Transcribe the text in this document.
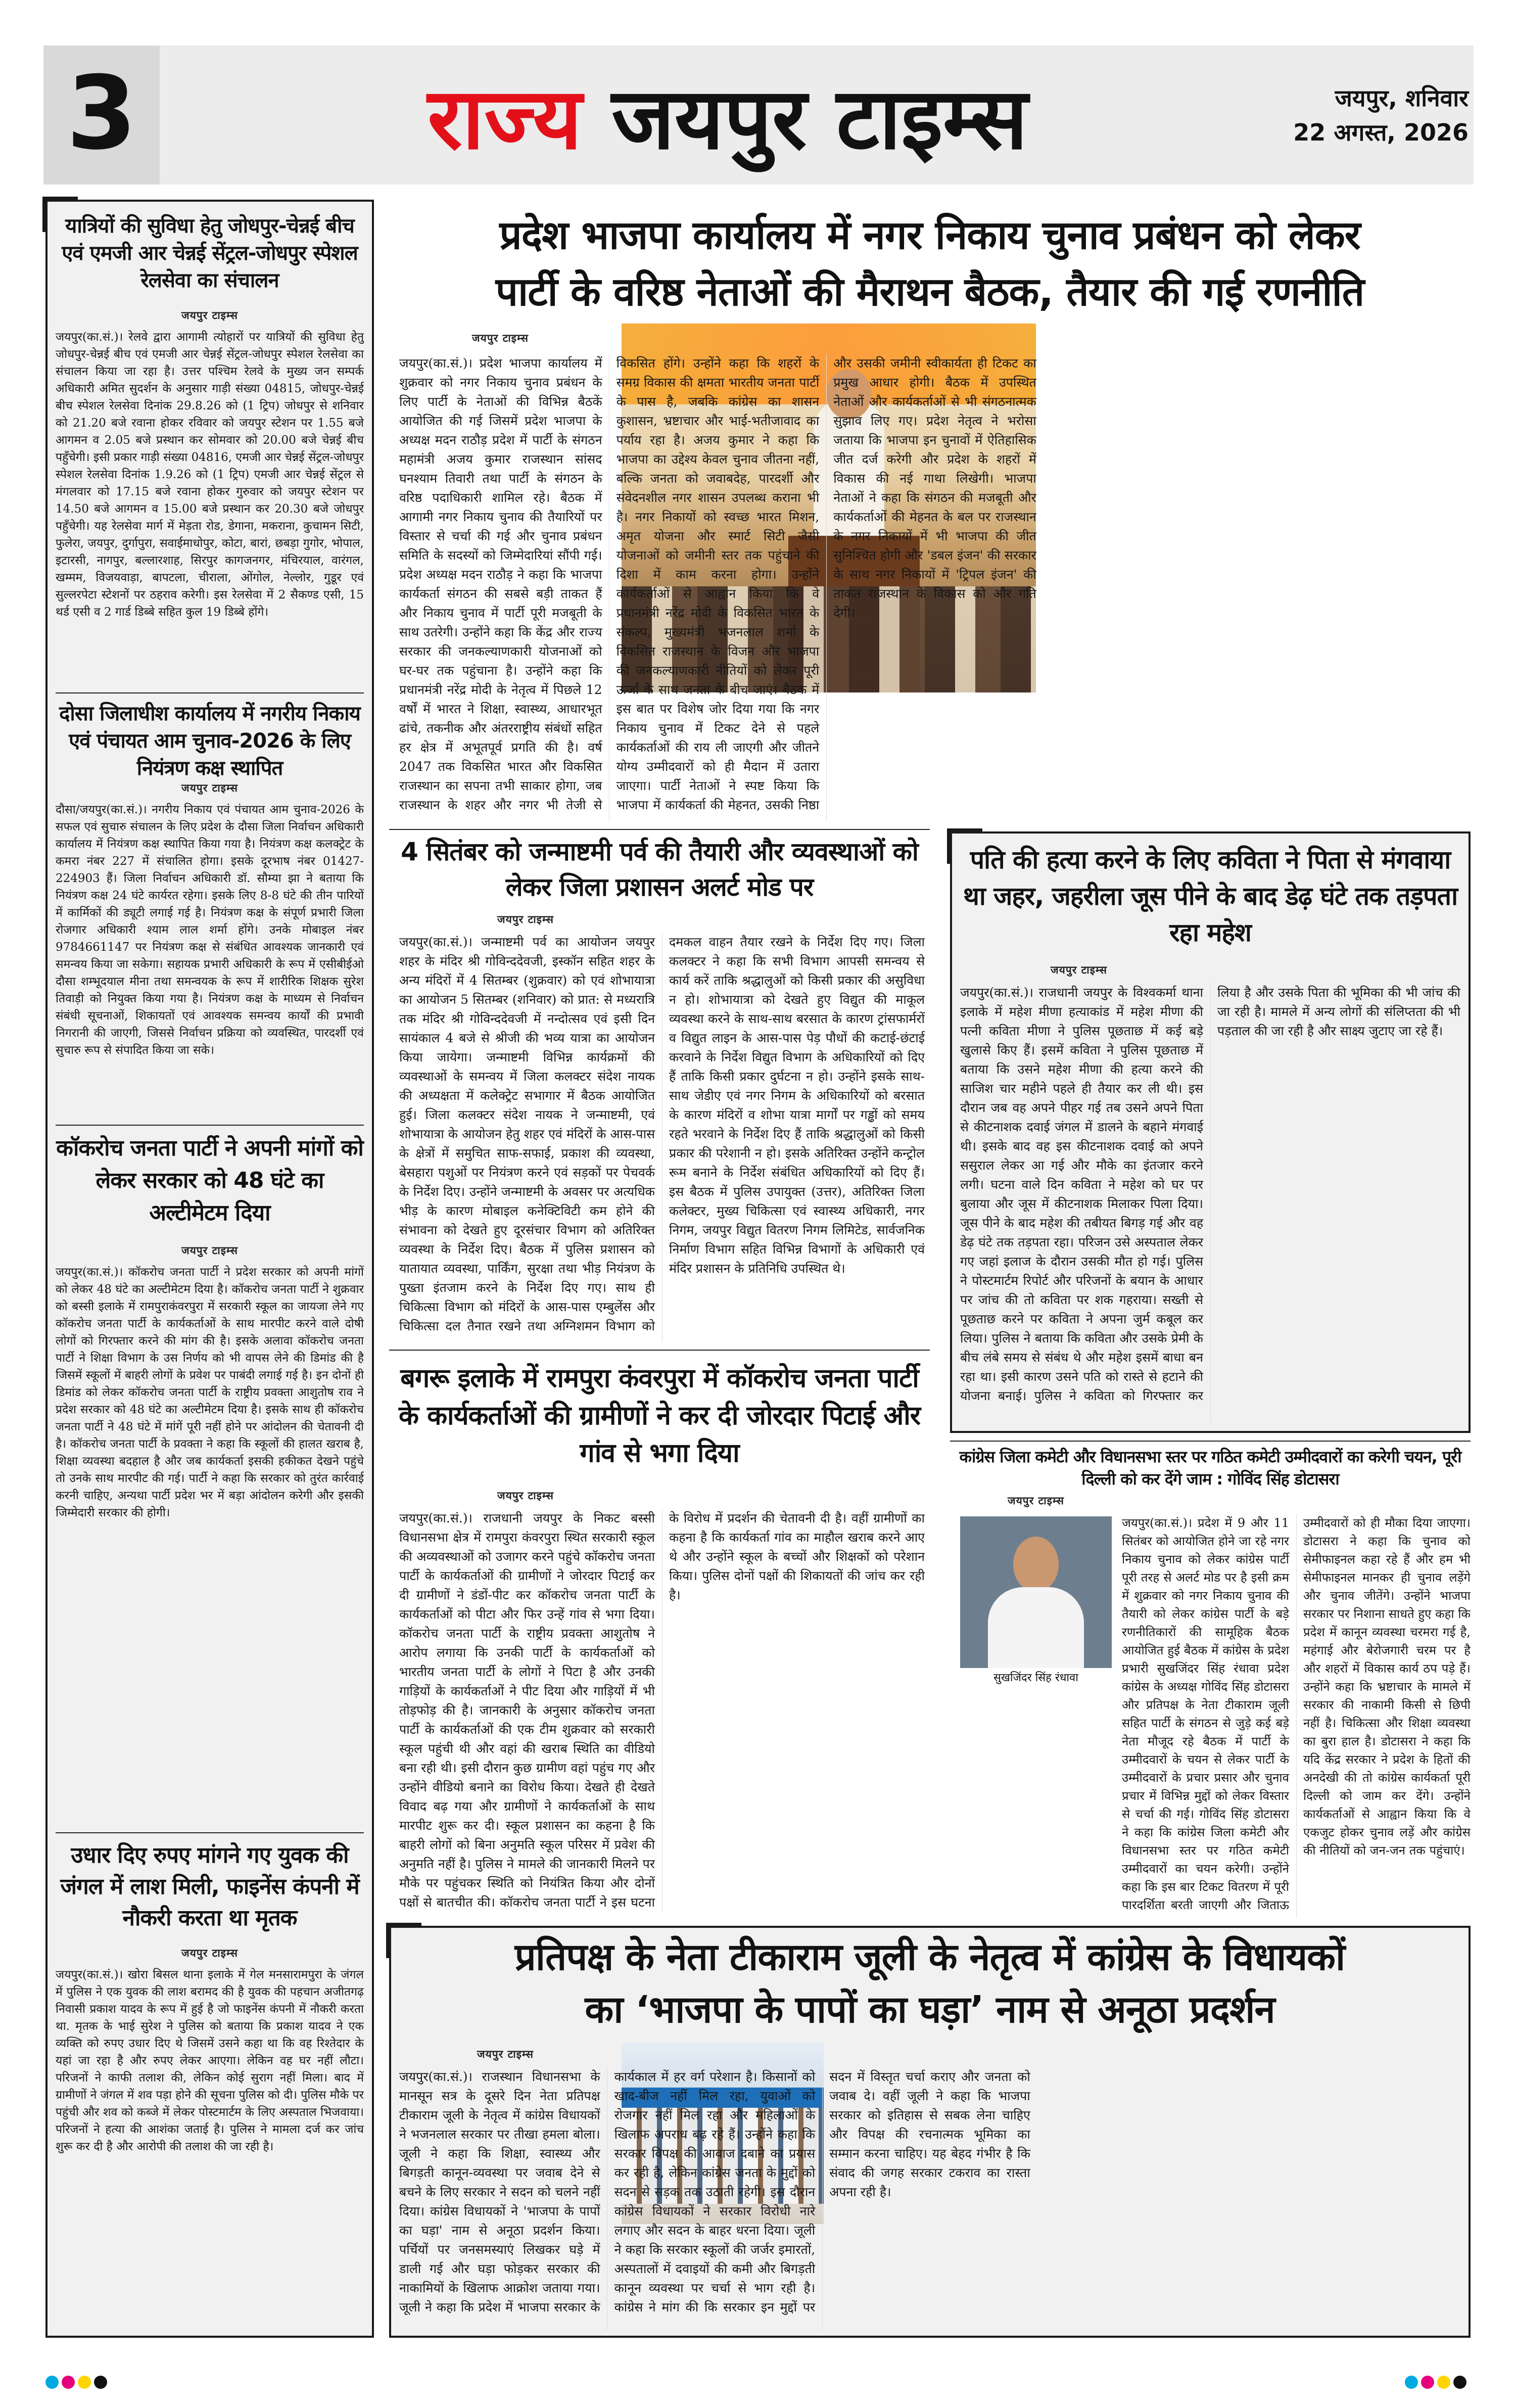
3	राज्य जयपुर टाइम्स	जयपुर, शनिवार
22 अगस्त, 2026
यात्रियों की सुविधा हेतु जोधपुर-चेन्नई बीच एवं एमजी आर चेन्नई सेंट्रल-जोधपुर स्पेशल रेलसेवा का संचालन
जयपुर टाइम्स
जयपुर(का.सं.)। रेलवे द्वारा आगामी त्योहारों पर यात्रियों की सुविधा हेतु जोधपुर-चेन्नई बीच एवं एमजी आर चेन्नई सेंट्रल-जोधपुर स्पेशल रेलसेवा का संचालन किया जा रहा है। उत्तर पश्चिम रेलवे के मुख्य जन सम्पर्क अधिकारी अमित सुदर्शन के अनुसार गाड़ी संख्या 04815, जोधपुर-चेन्नई बीच स्पेशल रेलसेवा दिनांक 29.8.26 को (1 ट्रिप) जोधपुर से शनिवार को 21.20 बजे रवाना होकर रविवार को जयपुर स्टेशन पर 1.55 बजे आगमन व 2.05 बजे प्रस्थान कर सोमवार को 20.00 बजे चेन्नई बीच पहुँचेगी। इसी प्रकार गाड़ी संख्या 04816, एमजी आर चेन्नई सेंट्रल-जोधपुर स्पेशल रेलसेवा दिनांक 1.9.26 को (1 ट्रिप) एमजी आर चेन्नई सेंट्रल से मंगलवार को 17.15 बजे रवाना होकर गुरुवार को जयपुर स्टेशन पर 14.50 बजे आगमन व 15.00 बजे प्रस्थान कर 20.30 बजे जोधपुर पहुँचेगी। यह रेलसेवा मार्ग में मेड़ता रोड, डेगाना, मकराना, कुचामन सिटी, फुलेरा, जयपुर, दुर्गापुरा, सवाईमाधोपुर, कोटा, बारां, छबड़ा गुगोर, भोपाल, इटारसी, नागपुर, बल्लारशाह, सिरपुर कागजनगर, मंचिरयाल, वारंगल, खम्मम, विजयवाड़ा, बापटला, चीराला, ओंगोल, नेल्लोर, गुडूर एवं सुल्लरपेटा स्टेशनों पर ठहराव करेगी। इस रेलसेवा में 2 सैकण्ड एसी, 15 थर्ड एसी व 2 गार्ड डिब्बे सहित कुल 19 डिब्बे होंगे।
दोसा जिलाधीश कार्यालय में नगरीय निकाय एवं पंचायत आम चुनाव-2026 के लिए नियंत्रण कक्ष स्थापित
जयपुर टाइम्स
दौसा/जयपुर(का.सं.)। नगरीय निकाय एवं पंचायत आम चुनाव-2026 के सफल एवं सुचारु संचालन के लिए प्रदेश के दौसा जिला निर्वाचन अधिकारी कार्यालय में नियंत्रण कक्ष स्थापित किया गया है। नियंत्रण कक्ष कलक्ट्रेट के कमरा नंबर 227 में संचालित होगा। इसके दूरभाष नंबर 01427-224903 हैं। जिला निर्वाचन अधिकारी डॉ. सौम्या झा ने बताया कि नियंत्रण कक्ष 24 घंटे कार्यरत रहेगा। इसके लिए 8-8 घंटे की तीन पारियों में कार्मिकों की ड्यूटी लगाई गई है। नियंत्रण कक्ष के संपूर्ण प्रभारी जिला रोजगार अधिकारी श्याम लाल शर्मा होंगे। उनके मोबाइल नंबर 9784661147 पर नियंत्रण कक्ष से संबंधित आवश्यक जानकारी एवं समन्वय किया जा सकेगा। सहायक प्रभारी अधिकारी के रूप में एसीबीईओ दौसा शम्भूदयाल मीना तथा समन्वयक के रूप में शारीरिक शिक्षक सुरेश तिवाड़ी को नियुक्त किया गया है। नियंत्रण कक्ष के माध्यम से निर्वाचन संबंधी सूचनाओं, शिकायतों एवं आवश्यक समन्वय कार्यों की प्रभावी निगरानी की जाएगी, जिससे निर्वाचन प्रक्रिया को व्यवस्थित, पारदर्शी एवं सुचारु रूप से संपादित किया जा सके।
कॉकरोच जनता पार्टी ने अपनी मांगों को लेकर सरकार को 48 घंटे का अल्टीमेटम दिया
जयपुर टाइम्स
जयपुर(का.सं.)। कॉकरोच जनता पार्टी ने प्रदेश सरकार को अपनी मांगों को लेकर 48 घंटे का अल्टीमेटम दिया है। कॉकरोच जनता पार्टी ने शुक्रवार को बस्सी इलाके में रामपुराकंवरपुरा में सरकारी स्कूल का जायजा लेने गए कॉकरोच जनता पार्टी के कार्यकर्ताओं के साथ मारपीट करने वाले दोषी लोगों को गिरफ्तार करने की मांग की है। इसके अलावा कॉकरोच जनता पार्टी ने शिक्षा विभाग के उस निर्णय को भी वापस लेने की डिमांड की है जिसमें स्कूलों में बाहरी लोगों के प्रवेश पर पाबंदी लगाई गई है। इन दोनों ही डिमांड को लेकर कॉकरोच जनता पार्टी के राष्ट्रीय प्रवक्ता आशुतोष राव ने प्रदेश सरकार को 48 घंटे का अल्टीमेटम दिया है। इसके साथ ही कॉकरोच जनता पार्टी ने 48 घंटे में मांगें पूरी नहीं होने पर आंदोलन की चेतावनी दी है। कॉकरोच जनता पार्टी के प्रवक्ता ने कहा कि स्कूलों की हालत खराब है, शिक्षा व्यवस्था बदहाल है और जब कार्यकर्ता इसकी हकीकत देखने पहुंचे तो उनके साथ मारपीट की गई। पार्टी ने कहा कि सरकार को तुरंत कार्रवाई करनी चाहिए, अन्यथा पार्टी प्रदेश भर में बड़ा आंदोलन करेगी और इसकी जिम्मेदारी सरकार की होगी।
उधार दिए रुपए मांगने गए युवक की जंगल में लाश मिली, फाइनेंस कंपनी में नौकरी करता था मृतक
जयपुर टाइम्स
जयपुर(का.सं.)। खोरा बिसल थाना इलाके में गेल मनसारामपुरा के जंगल में पुलिस ने एक युवक की लाश बरामद की है युवक की पहचान अजीतगढ़ निवासी प्रकाश यादव के रूप में हुई है जो फाइनेंस कंपनी में नौकरी करता था. मृतक के भाई सुरेश ने पुलिस को बताया कि प्रकाश यादव ने एक व्यक्ति को रुपए उधार दिए थे जिसमें उसने कहा था कि वह रिश्तेदार के यहां जा रहा है और रुपए लेकर आएगा। लेकिन वह घर नहीं लौटा। परिजनों ने काफी तलाश की, लेकिन कोई सुराग नहीं मिला। बाद में ग्रामीणों ने जंगल में शव पड़ा होने की सूचना पुलिस को दी। पुलिस मौके पर पहुंची और शव को कब्जे में लेकर पोस्टमार्टम के लिए अस्पताल भिजवाया। परिजनों ने हत्या की आशंका जताई है। पुलिस ने मामला दर्ज कर जांच शुरू कर दी है और आरोपी की तलाश की जा रही है।
प्रदेश भाजपा कार्यालय में नगर निकाय चुनाव प्रबंधन को लेकर
पार्टी के वरिष्ठ नेताओं की मैराथन बैठक, तैयार की गई रणनीति
जयपुर टाइम्स
जयपुर(का.सं.)। प्रदेश भाजपा कार्यालय में शुक्रवार को नगर निकाय चुनाव प्रबंधन के लिए पार्टी के नेताओं की विभिन्न बैठकें आयोजित की गई जिसमें प्रदेश भाजपा के अध्यक्ष मदन राठौड़ प्रदेश में पार्टी के संगठन महामंत्री अजय कुमार राजस्थान सांसद घनश्याम तिवारी तथा पार्टी के संगठन के वरिष्ठ पदाधिकारी शामिल रहे। बैठक में आगामी नगर निकाय चुनाव की तैयारियों पर विस्तार से चर्चा की गई और चुनाव प्रबंधन समिति के सदस्यों को जिम्मेदारियां सौंपी गई। प्रदेश अध्यक्ष मदन राठौड़ ने कहा कि भाजपा कार्यकर्ता संगठन की सबसे बड़ी ताकत हैं और निकाय चुनाव में पार्टी पूरी मजबूती के साथ उतरेगी। उन्होंने कहा कि केंद्र और राज्य सरकार की जनकल्याणकारी योजनाओं को घर-घर तक पहुंचाना है। उन्होंने कहा कि प्रधानमंत्री नरेंद्र मोदी के नेतृत्व में पिछले 12 वर्षों में भारत ने शिक्षा, स्वास्थ्य, आधारभूत ढांचे, तकनीक और अंतरराष्ट्रीय संबंधों सहित हर क्षेत्र में अभूतपूर्व प्रगति की है। वर्ष 2047 तक विकसित भारत और विकसित राजस्थान का सपना तभी साकार होगा, जब राजस्थान के शहर और नगर भी तेजी से विकसित होंगे। उन्होंने कहा कि शहरों के समग्र विकास की क्षमता भारतीय जनता पार्टी के पास है, जबकि कांग्रेस का शासन कुशासन, भ्रष्टाचार और भाई-भतीजावाद का पर्याय रहा है। अजय कुमार ने कहा कि भाजपा का उद्देश्य केवल चुनाव जीतना नहीं, बल्कि जनता को जवाबदेह, पारदर्शी और संवेदनशील नगर शासन उपलब्ध कराना भी है। नगर निकायों को स्वच्छ भारत मिशन, अमृत योजना और स्मार्ट सिटी जैसी योजनाओं को जमीनी स्तर तक पहुंचाने की दिशा में काम करना होगा। उन्होंने कार्यकर्ताओं से आह्वान किया कि वे प्रधानमंत्री नरेंद्र मोदी के विकसित भारत के संकल्प, मुख्यमंत्री भजनलाल शर्मा के विकसित राजस्थान के विजन और भाजपा की जनकल्याणकारी नीतियों को लेकर पूरी ऊर्जा के साथ जनता के बीच जाएं। बैठक में इस बात पर विशेष जोर दिया गया कि नगर निकाय चुनाव में टिकट देने से पहले कार्यकर्ताओं की राय ली जाएगी और जीतने योग्य उम्मीदवारों को ही मैदान में उतारा जाएगा। पार्टी नेताओं ने स्पष्ट किया कि भाजपा में कार्यकर्ता की मेहनत, उसकी निष्ठा और उसकी जमीनी स्वीकार्यता ही टिकट का प्रमुख आधार होगी। बैठक में उपस्थित नेताओं और कार्यकर्ताओं से भी संगठनात्मक सुझाव लिए गए। प्रदेश नेतृत्व ने भरोसा जताया कि भाजपा इन चुनावों में ऐतिहासिक जीत दर्ज करेगी और प्रदेश के शहरों में विकास की नई गाथा लिखेगी। भाजपा नेताओं ने कहा कि संगठन की मजबूती और कार्यकर्ताओं की मेहनत के बल पर राजस्थान के नगर निकायों में भी भाजपा की जीत सुनिश्चित होगी और 'डबल इंजन' की सरकार के साथ नगर निकायों में 'ट्रिपल इंजन' की ताकत राजस्थान के विकास को और गति देगी।
4 सितंबर को जन्माष्टमी पर्व की तैयारी और व्यवस्थाओं को लेकर जिला प्रशासन अलर्ट मोड पर
जयपुर टाइम्स
जयपुर(का.सं.)। जन्माष्टमी पर्व का आयोजन जयपुर शहर के मंदिर श्री गोविन्ददेवजी, इस्कॉन सहित शहर के अन्य मंदिरों में 4 सितम्बर (शुक्रवार) को एवं शोभायात्रा का आयोजन 5 सितम्बर (शनिवार) को प्रात: से मध्यरात्रि तक मंदिर श्री गोविन्ददेवजी में नन्दोत्सव एवं इसी दिन सायंकाल 4 बजे से श्रीजी की भव्य यात्रा का आयोजन किया जायेगा। जन्माष्टमी विभिन्न कार्यक्रमों की व्यवस्थाओं के समन्वय में जिला कलक्टर संदेश नायक की अध्यक्षता में कलेक्ट्रेट सभागार में बैठक आयोजित हुई। जिला कलक्टर संदेश नायक ने जन्माष्टमी, एवं शोभायात्रा के आयोजन हेतु शहर एवं मंदिरों के आस-पास के क्षेत्रों में समुचित साफ-सफाई, प्रकाश की व्यवस्था, बेसहारा पशुओं पर नियंत्रण करने एवं सड़कों पर पेचवर्क के निर्देश दिए। उन्होंने जन्माष्टमी के अवसर पर अत्यधिक भीड़ के कारण मोबाइल कनेक्टिविटी कम होने की संभावना को देखते हुए दूरसंचार विभाग को अतिरिक्त व्यवस्था के निर्देश दिए। बैठक में पुलिस प्रशासन को यातायात व्यवस्था, पार्किंग, सुरक्षा तथा भीड़ नियंत्रण के पुख्ता इंतजाम करने के निर्देश दिए गए। साथ ही चिकित्सा विभाग को मंदिरों के आस-पास एम्बुलेंस और चिकित्सा दल तैनात रखने तथा अग्निशमन विभाग को दमकल वाहन तैयार रखने के निर्देश दिए गए। जिला कलक्टर ने कहा कि सभी विभाग आपसी समन्वय से कार्य करें ताकि श्रद्धालुओं को किसी प्रकार की असुविधा न हो। शोभायात्रा को देखते हुए विद्युत की माकूल व्यवस्था करने के साथ-साथ बरसात के कारण ट्रांसफार्मरों व विद्युत लाइन के आस-पास पेड़ पौधों की कटाई-छंटाई करवाने के निर्देश विद्युत विभाग के अधिकारियों को दिए हैं ताकि किसी प्रकार दुर्घटना न हो। उन्होंने इसके साथ-साथ जेडीए एवं नगर निगम के अधिकारियों को बरसात के कारण मंदिरों व शोभा यात्रा मार्गों पर गड्ढों को समय रहते भरवाने के निर्देश दिए हैं ताकि श्रद्धालुओं को किसी प्रकार की परेशानी न हो। इसके अतिरिक्त उन्होंने कन्ट्रोल रूम बनाने के निर्देश संबंधित अधिकारियों को दिए हैं। इस बैठक में पुलिस उपायुक्त (उत्तर), अतिरिक्त जिला कलेक्टर, मुख्य चिकित्सा एवं स्वास्थ्य अधिकारी, नगर निगम, जयपुर विद्युत वितरण निगम लिमिटेड, सार्वजनिक निर्माण विभाग सहित विभिन्न विभागों के अधिकारी एवं मंदिर प्रशासन के प्रतिनिधि उपस्थित थे।
पति की हत्या करने के लिए कविता ने पिता से मंगवाया था जहर, जहरीला जूस पीने के बाद डेढ़ घंटे तक तड़पता रहा महेश
जयपुर टाइम्स
जयपुर(का.सं.)। राजधानी जयपुर के विश्वकर्मा थाना इलाके में महेश मीणा हत्याकांड में महेश मीणा की पत्नी कविता मीणा ने पुलिस पूछताछ में कई बड़े खुलासे किए हैं। इसमें कविता ने पुलिस पूछताछ में बताया कि उसने महेश मीणा की हत्या करने की साजिश चार महीने पहले ही तैयार कर ली थी। इस दौरान जब वह अपने पीहर गई तब उसने अपने पिता से कीटनाशक दवाई जंगल में डालने के बहाने मंगवाई थी। इसके बाद वह इस कीटनाशक दवाई को अपने ससुराल लेकर आ गई और मौके का इंतजार करने लगी। घटना वाले दिन कविता ने महेश को घर पर बुलाया और जूस में कीटनाशक मिलाकर पिला दिया। जूस पीने के बाद महेश की तबीयत बिगड़ गई और वह डेढ़ घंटे तक तड़पता रहा। परिजन उसे अस्पताल लेकर गए जहां इलाज के दौरान उसकी मौत हो गई। पुलिस ने पोस्टमार्टम रिपोर्ट और परिजनों के बयान के आधार पर जांच की तो कविता पर शक गहराया। सख्ती से पूछताछ करने पर कविता ने अपना जुर्म कबूल कर लिया। पुलिस ने बताया कि कविता और उसके प्रेमी के बीच लंबे समय से संबंध थे और महेश इसमें बाधा बन रहा था। इसी कारण उसने पति को रास्ते से हटाने की योजना बनाई। पुलिस ने कविता को गिरफ्तार कर लिया है और उसके पिता की भूमिका की भी जांच की जा रही है। मामले में अन्य लोगों की संलिप्तता की भी पड़ताल की जा रही है और साक्ष्य जुटाए जा रहे हैं।
बगरू इलाके में रामपुरा कंवरपुरा में कॉकरोच जनता पार्टी के कार्यकर्ताओं की ग्रामीणों ने कर दी जोरदार पिटाई और गांव से भगा दिया
जयपुर टाइम्स
जयपुर(का.सं.)। राजधानी जयपुर के निकट बस्सी विधानसभा क्षेत्र में रामपुरा कंवरपुरा स्थित सरकारी स्कूल की अव्यवस्थाओं को उजागर करने पहुंचे कॉकरोच जनता पार्टी के कार्यकर्ताओं की ग्रामीणों ने जोरदार पिटाई कर दी ग्रामीणों ने डंडों-पीट कर कॉकरोच जनता पार्टी के कार्यकर्ताओं को पीटा और फिर उन्हें गांव से भगा दिया। कॉकरोच जनता पार्टी के राष्ट्रीय प्रवक्ता आशुतोष ने आरोप लगाया कि उनकी पार्टी के कार्यकर्ताओं को भारतीय जनता पार्टी के लोगों ने पिटा है और उनकी गाड़ियों के कार्यकर्ताओं ने पीट दिया और गाड़ियों में भी तोड़फोड़ की है। जानकारी के अनुसार कॉकरोच जनता पार्टी के कार्यकर्ताओं की एक टीम शुक्रवार को सरकारी स्कूल पहुंची थी और वहां की खराब स्थिति का वीडियो बना रही थी। इसी दौरान कुछ ग्रामीण वहां पहुंच गए और उन्होंने वीडियो बनाने का विरोध किया। देखते ही देखते विवाद बढ़ गया और ग्रामीणों ने कार्यकर्ताओं के साथ मारपीट शुरू कर दी। स्कूल प्रशासन का कहना है कि बाहरी लोगों को बिना अनुमति स्कूल परिसर में प्रवेश की अनुमति नहीं है। पुलिस ने मामले की जानकारी मिलने पर मौके पर पहुंचकर स्थिति को नियंत्रित किया और दोनों पक्षों से बातचीत की। कॉकरोच जनता पार्टी ने इस घटना के विरोध में प्रदर्शन की चेतावनी दी है। वहीं ग्रामीणों का कहना है कि कार्यकर्ता गांव का माहौल खराब करने आए थे और उन्होंने स्कूल के बच्चों और शिक्षकों को परेशान किया। पुलिस दोनों पक्षों की शिकायतों की जांच कर रही है।
कांग्रेस जिला कमेटी और विधानसभा स्तर पर गठित कमेटी उम्मीदवारों का करेगी चयन, पूरी दिल्ली को कर देंगे जाम : गोविंद सिंह डोटासरा
जयपुर टाइम्स
सुखजिंदर सिंह रंधावा
जयपुर(का.सं.)। प्रदेश में 9 और 11 सितंबर को आयोजित होने जा रहे नगर निकाय चुनाव को लेकर कांग्रेस पार्टी पूरी तरह से अलर्ट मोड पर है इसी क्रम में शुक्रवार को नगर निकाय चुनाव की तैयारी को लेकर कांग्रेस पार्टी के बड़े रणनीतिकारों की सामूहिक बैठक आयोजित हुई बैठक में कांग्रेस के प्रदेश प्रभारी सुखजिंदर सिंह रंधावा प्रदेश कांग्रेस के अध्यक्ष गोविंद सिंह डोटासरा और प्रतिपक्ष के नेता टीकाराम जूली सहित पार्टी के संगठन से जुड़े कई बड़े नेता मौजूद रहे बैठक में पार्टी के उम्मीदवारों के चयन से लेकर पार्टी के उम्मीदवारों के प्रचार प्रसार और चुनाव प्रचार में विभिन्न मुद्दों को लेकर विस्तार से चर्चा की गई। गोविंद सिंह डोटासरा ने कहा कि कांग्रेस जिला कमेटी और विधानसभा स्तर पर गठित कमेटी उम्मीदवारों का चयन करेगी। उन्होंने कहा कि इस बार टिकट वितरण में पूरी पारदर्शिता बरती जाएगी और जिताऊ उम्मीदवारों को ही मौका दिया जाएगा। डोटासरा ने कहा कि चुनाव को सेमीफाइनल कहा रहे हैं और हम भी सेमीफाइनल मानकर ही चुनाव लड़ेंगे और चुनाव जीतेंगे। उन्होंने भाजपा सरकार पर निशाना साधते हुए कहा कि प्रदेश में कानून व्यवस्था चरमरा गई है, महंगाई और बेरोजगारी चरम पर है और शहरों में विकास कार्य ठप पड़े हैं। उन्होंने कहा कि भ्रष्टाचार के मामले में सरकार की नाकामी किसी से छिपी नहीं है। चिकित्सा और शिक्षा व्यवस्था का बुरा हाल है। डोटासरा ने कहा कि यदि केंद्र सरकार ने प्रदेश के हितों की अनदेखी की तो कांग्रेस कार्यकर्ता पूरी दिल्ली को जाम कर देंगे। उन्होंने कार्यकर्ताओं से आह्वान किया कि वे एकजुट होकर चुनाव लड़ें और कांग्रेस की नीतियों को जन-जन तक पहुंचाएं।
प्रतिपक्ष के नेता टीकाराम जूली के नेतृत्व में कांग्रेस के विधायकों
का ‘भाजपा के पापों का घड़ा’ नाम से अनूठा प्रदर्शन
जयपुर टाइम्स
जयपुर(का.सं.)। राजस्थान विधानसभा के मानसून सत्र के दूसरे दिन नेता प्रतिपक्ष टीकाराम जूली के नेतृत्व में कांग्रेस विधायकों ने भजनलाल सरकार पर तीखा हमला बोला। जूली ने कहा कि शिक्षा, स्वास्थ्य और बिगड़ती कानून-व्यवस्था पर जवाब देने से बचने के लिए सरकार ने सदन को चलने नहीं दिया। कांग्रेस विधायकों ने 'भाजपा के पापों का घड़ा' नाम से अनूठा प्रदर्शन किया। पर्चियों पर जनसमस्याएं लिखकर घड़े में डाली गई और घड़ा फोड़कर सरकार की नाकामियों के खिलाफ आक्रोश जताया गया। जूली ने कहा कि प्रदेश में भाजपा सरकार के कार्यकाल में हर वर्ग परेशान है। किसानों को खाद-बीज नहीं मिल रहा, युवाओं को रोजगार नहीं मिल रहा और महिलाओं के खिलाफ अपराध बढ़ रहे हैं। उन्होंने कहा कि सरकार विपक्ष की आवाज दबाने का प्रयास कर रही है, लेकिन कांग्रेस जनता के मुद्दों को सदन से सड़क तक उठाती रहेगी। इस दौरान कांग्रेस विधायकों ने सरकार विरोधी नारे लगाए और सदन के बाहर धरना दिया। जूली ने कहा कि सरकार स्कूलों की जर्जर इमारतों, अस्पतालों में दवाइयों की कमी और बिगड़ती कानून व्यवस्था पर चर्चा से भाग रही है। कांग्रेस ने मांग की कि सरकार इन मुद्दों पर सदन में विस्तृत चर्चा कराए और जनता को जवाब दे। वहीं जूली ने कहा कि भाजपा सरकार को इतिहास से सबक लेना चाहिए और विपक्ष की रचनात्मक भूमिका का सम्मान करना चाहिए। यह बेहद गंभीर है कि संवाद की जगह सरकार टकराव का रास्ता अपना रही है।
